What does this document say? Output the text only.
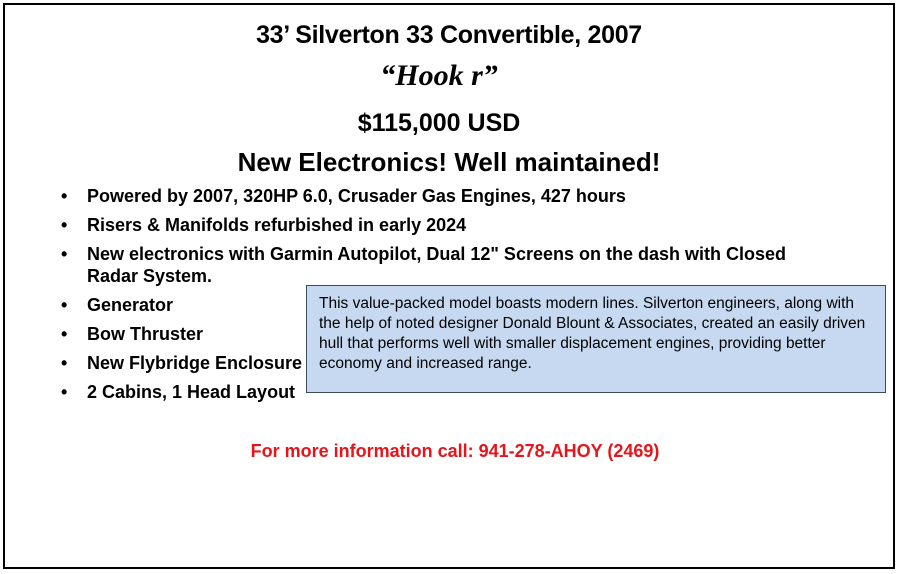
33’ Silverton 33 Convertible, 2007
“Hook r”
$115,000 USD
New Electronics! Well maintained!
• Powered by 2007, 320HP 6.0, Crusader Gas Engines, 427 hours
• Risers & Manifolds refurbished in early 2024
• New electronics with Garmin Autopilot, Dual 12" Screens on the dash with Closed Radar System.
• Generator
• Bow Thruster
• New Flybridge Enclosure
• 2 Cabins, 1 Head Layout
This value-packed model boasts modern lines. Silverton engineers, along with the help of noted designer Donald Blount & Associates, created an easily driven hull that performs well with smaller displacement engines, providing better economy and increased range.
For more information call: 941-278-AHOY (2469)
